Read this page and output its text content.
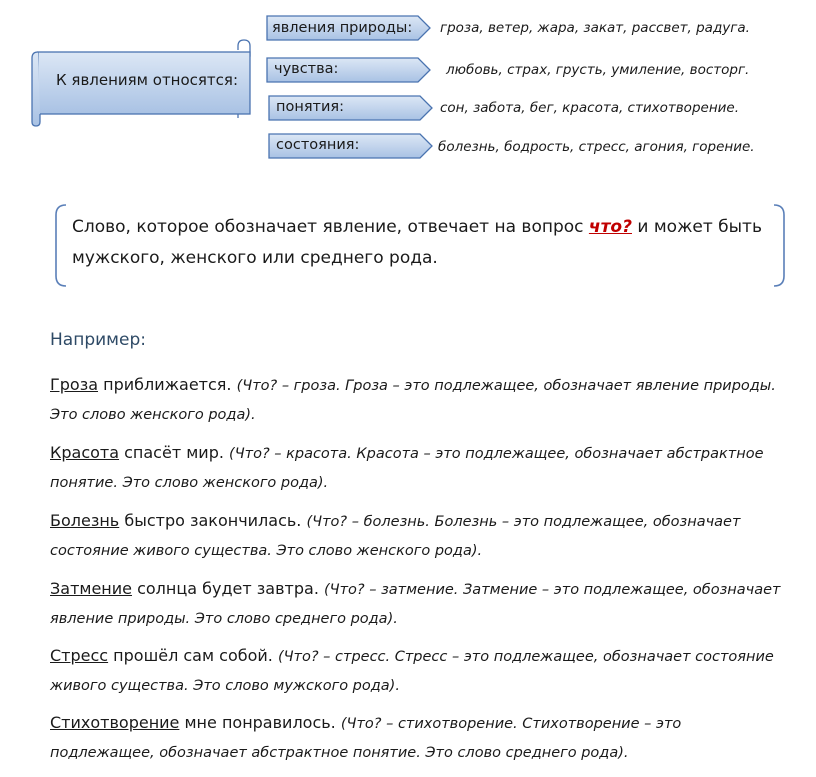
К явлениям относятся:
явления природы: гроза, ветер, жара, закат, рассвет, радуга.
чувства:	любовь, страх, грусть, умиление, восторг.
понятия:	сон, забота, бег, красота, стихотворение.
состояния:	болезнь, бодрость, стресс, агония, горение.
Слово, которое обозначает явление, отвечает на вопрос что? и может быть мужского, женского или среднего рода.
Например:
Гроза приближается. (Что? – гроза. Гроза – это подлежащее, обозначает явление природы. Это слово женского рода).
Красота спасёт мир. (Что? – красота. Красота – это подлежащее, обозначает абстрактное понятие. Это слово женского рода).
Болезнь быстро закончилась. (Что? – болезнь. Болезнь – это подлежащее, обозначает состояние живого существа. Это слово женского рода).
Затмение солнца будет завтра. (Что? – затмение. Затмение – это подлежащее, обозначает явление природы. Это слово среднего рода).
Стресс прошёл сам собой. (Что? – стресс. Стресс – это подлежащее, обозначает состояние живого существа. Это слово мужского рода).
Стихотворение мне понравилось. (Что? – стихотворение. Стихотворение – это подлежащее, обозначает абстрактное понятие. Это слово среднего рода).
